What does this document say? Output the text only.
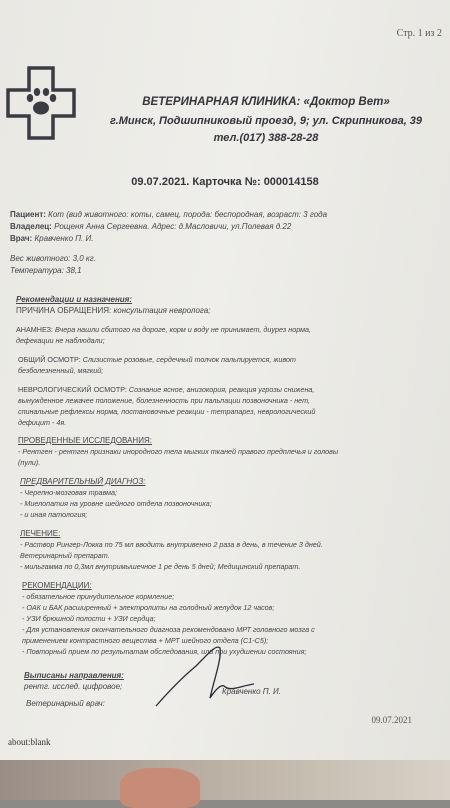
Стр. 1 из 2
ВЕТЕРИНАРНАЯ КЛИНИКА: «Доктор Вет»
г.Минск, Подшипниковый проезд, 9; ул. Скрипникова, 39
тел.(017) 388-28-28
09.07.2021. Карточка №: 000014158
Пациент: Кот (вид животного: коты, самец, порода: беспородная, возраст: 3 года
Владелец: Рощеня Анна Сергеевна. Адрес: д.Масловичи, ул.Полевая д.22
Врач: Кравченко П. И.
Вес животного: 3,0 кг.
Температура: 38,1
Рекомендации и назначения:
ПРИЧИНА ОБРАЩЕНИЯ: консультация невролога;
АНАМНЕЗ: Вчера нашли сбитого на дороге, корм и воду не принимает, диурез норма,
дефекации не наблюдали;
ОБЩИЙ ОСМОТР: Слизистые розовые, сердечный толчок пальпируется, живот
безболезненный, мягкий;
НЕВРОЛОГИЧЕСКИЙ ОСМОТР: Сознание ясное, анизокория, реакция угрозы снижена,
вынужденное лежачее положение, болезненность при пальпации позвоночника - нет,
спинальные рефлексы норма, постановочные реакции - тетрапарез, неврологический
дефицит - 4я.
ПРОВЕДЕННЫЕ ИССЛЕДОВАНИЯ:
- Рентген - рентген признаки инородного тела мыгких тканей правого предплечья и головы
(пули).
ПРЕДВАРИТЕЛЬНЫЙ ДИАГНОЗ:
- Черепно-мозговая травма;
- Миелопатия на уровне шейного отдела позвоночника;
- и иная патология;
ЛЕЧЕНИЕ:
- Раствор Рингер-Локка по 75 мл вводить внутривенно 2 раза в день, в течение 3 дней.
Ветеринарный препарат.
- мильгамма по 0,3мл внутримышечное 1 ре день 5 дней; Медицинский препарат.
РЕКОМЕНДАЦИИ:
- обязательное принудительное кормление;
- ОАК и БАК расширенный + электролиты на голодный желудок 12 часов;
- УЗИ брюшной полости + УЗИ сердца;
- Для установления окончательного диагноза рекомендовано МРТ головного мозга с
применением контрастного вещества + МРТ шейного отдела (С1-С5);
- Повторный прием по результатам обследования, или при ухудшении состояния;
Выписаны направления:
рентг. исслед. цифровое;
Ветеринарный врач:
Кравченко П. И.
09.07.2021
about:blank
